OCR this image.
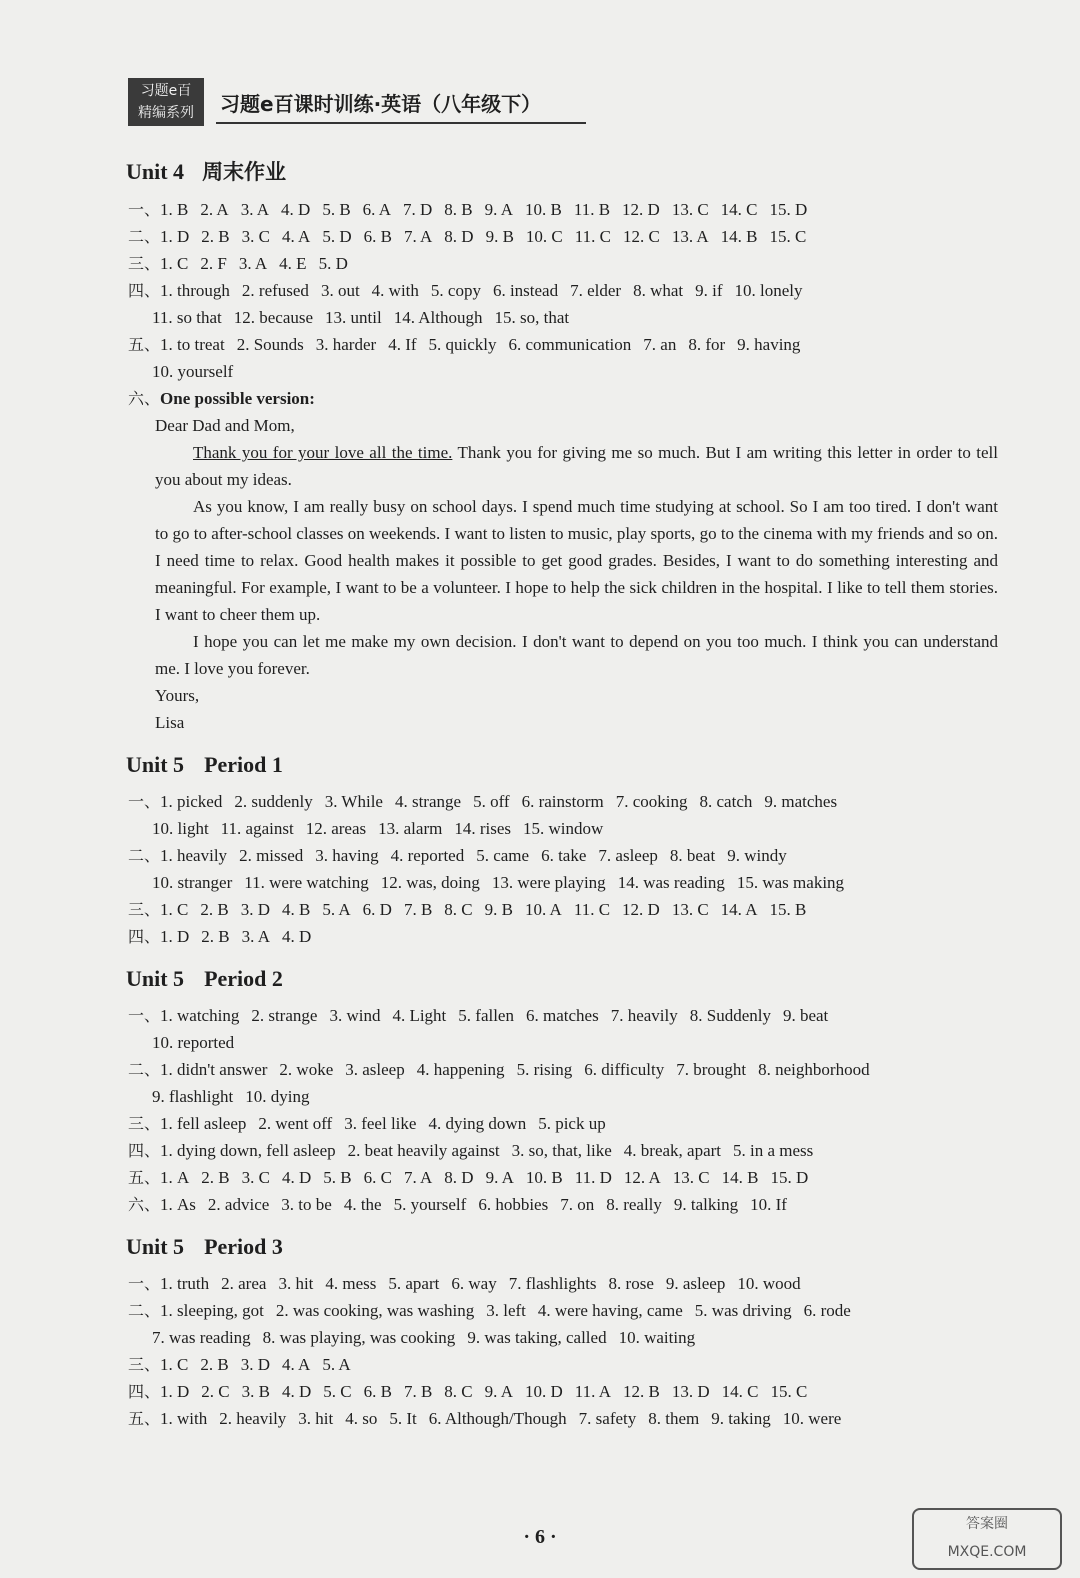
习题e百
精编系列	习题e百课时训练·英语（八年级下）
Unit 4 周末作业
一、1. B 2. A 3. A 4. D 5. B 6. A 7. D 8. B 9. A 10. B 11. B 12. D 13. C 14. C 15. D
二、1. D 2. B 3. C 4. A 5. D 6. B 7. A 8. D 9. B 10. C 11. C 12. C 13. A 14. B 15. C
三、1. C 2. F 3. A 4. E 5. D
四、1. through 2. refused 3. out 4. with 5. copy 6. instead 7. elder 8. what 9. if 10. lonely
11. so that 12. because 13. until 14. Although 15. so, that
五、1. to treat 2. Sounds 3. harder 4. If 5. quickly 6. communication 7. an 8. for 9. having
10. yourself
六、One possible version:

Dear Dad and Mom,

Thank you for your love all the time. Thank you for giving me so much. But I am writing this letter in order to tell you about my ideas.

As you know, I am really busy on school days. I spend much time studying at school. So I am too tired. I don't want to go to after-school classes on weekends. I want to listen to music, play sports, go to the cinema with my friends and so on. I need time to relax. Good health makes it possible to get good grades. Besides, I want to do something interesting and meaningful. For example, I want to be a volunteer. I hope to help the sick children in the hospital. I like to tell them stories. I want to cheer them up.

I hope you can let me make my own decision. I don't want to depend on you too much. I think you can understand me. I love you forever.

Yours,

Lisa

Unit 5 Period 1
一、1. picked 2. suddenly 3. While 4. strange 5. off 6. rainstorm 7. cooking 8. catch 9. matches
10. light 11. against 12. areas 13. alarm 14. rises 15. window
二、1. heavily 2. missed 3. having 4. reported 5. came 6. take 7. asleep 8. beat 9. windy
10. stranger 11. were watching 12. was, doing 13. were playing 14. was reading 15. was making
三、1. C 2. B 3. D 4. B 5. A 6. D 7. B 8. C 9. B 10. A 11. C 12. D 13. C 14. A 15. B
四、1. D 2. B 3. A 4. D
Unit 5 Period 2
一、1. watching 2. strange 3. wind 4. Light 5. fallen 6. matches 7. heavily 8. Suddenly 9. beat
10. reported
二、1. didn't answer 2. woke 3. asleep 4. happening 5. rising 6. difficulty 7. brought 8. neighborhood
9. flashlight 10. dying
三、1. fell asleep 2. went off 3. feel like 4. dying down 5. pick up
四、1. dying down, fell asleep 2. beat heavily against 3. so, that, like 4. break, apart 5. in a mess
五、1. A 2. B 3. C 4. D 5. B 6. C 7. A 8. D 9. A 10. B 11. D 12. A 13. C 14. B 15. D
六、1. As 2. advice 3. to be 4. the 5. yourself 6. hobbies 7. on 8. really 9. talking 10. If
Unit 5 Period 3
一、1. truth 2. area 3. hit 4. mess 5. apart 6. way 7. flashlights 8. rose 9. asleep 10. wood
二、1. sleeping, got 2. was cooking, was washing 3. left 4. were having, came 5. was driving 6. rode
7. was reading 8. was playing, was cooking 9. was taking, called 10. waiting
三、1. C 2. B 3. D 4. A 5. A
四、1. D 2. C 3. B 4. D 5. C 6. B 7. B 8. C 9. A 10. D 11. A 12. B 13. D 14. C 15. C
五、1. with 2. heavily 3. hit 4. so 5. It 6. Although/Though 7. safety 8. them 9. taking 10. were
· 6 ·
答案圈
MXQE.COM
